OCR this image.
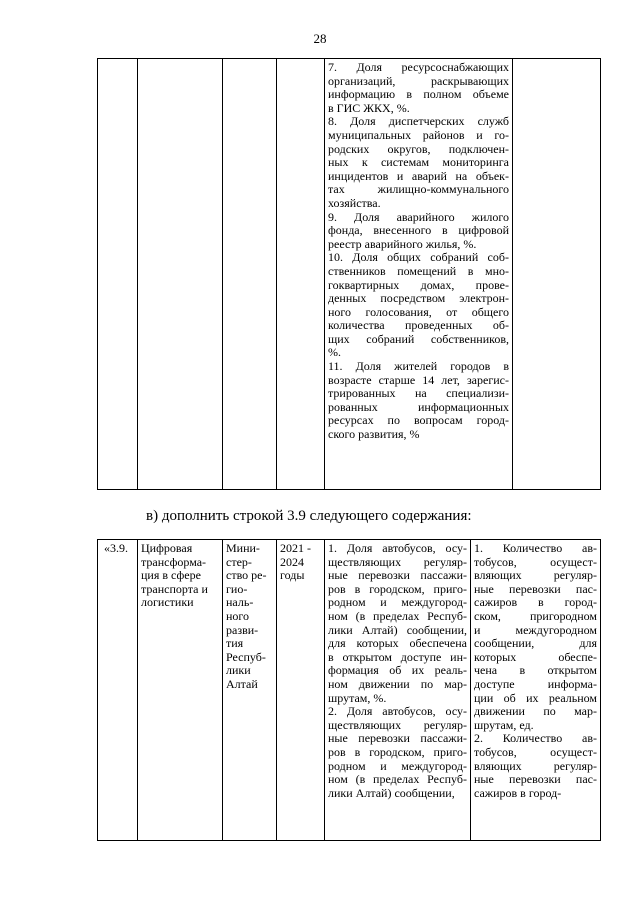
28

7. Доля ресурсоснабжающих
организаций, раскрывающих
информацию в полном объеме
в ГИС ЖКХ, %.
8. Доля диспетчерских служб
муниципальных районов и го-
родских округов, подключен-
ных к системам мониторинга
инцидентов и аварий на объек-
тах жилищно-коммунального
хозяйства.
9. Доля аварийного жилого
фонда, внесенного в цифровой
реестр аварийного жилья, %.
10. Доля общих собраний соб-
ственников помещений в мно-
гоквартирных домах, прове-
денных посредством электрон-
ного голосования, от общего
количества проведенных об-
щих собраний собственников,
%.
11. Доля жителей городов в
возрасте старше 14 лет, зарегис-
трированных на специализи-
рованных информационных
ресурсах по вопросам город-
ского развития, %

в) дополнить строкой 3.9 следующего содержания:
«3.9.	Цифровая
трансформа-
ция в сфере
транспорта и
логистики

Мини-
стер-
ство ре-
гио-
наль-
ного
разви-
тия
Респуб-
лики
Алтай

2021 -
2024
годы

1. Доля автобусов, осу-
ществляющих регуляр-
ные перевозки пассажи-
ров в городском, приго-
родном и междугород-
ном (в пределах Респуб-
лики Алтай) сообщении,
для которых обеспечена
в открытом доступе ин-
формация об их реаль-
ном движении по мар-
шрутам, %.
2. Доля автобусов, осу-
ществляющих регуляр-
ные перевозки пассажи-
ров в городском, приго-
родном и междугород-
ном (в пределах Респуб-
лики Алтай) сообщении,

1. Количество ав-
тобусов, осущест-
вляющих регуляр-
ные перевозки пас-
сажиров в город-
ском, пригородном
и междугородном
сообщении, для
которых обеспе-
чена в открытом
доступе информа-
ции об их реальном
движении по мар-
шрутам, ед.
2. Количество ав-
тобусов, осущест-
вляющих регуляр-
ные перевозки пас-
сажиров в город-
